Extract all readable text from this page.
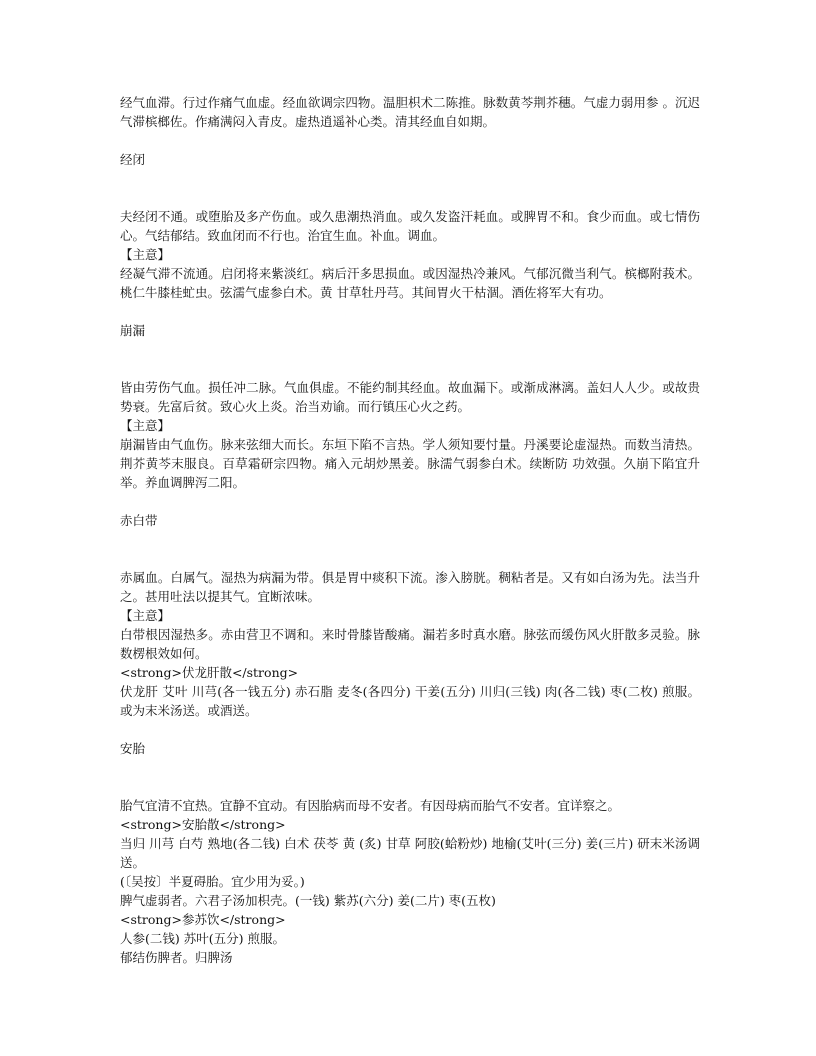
经气血滞。行过作痛气血虚。经血欲调宗四物。温胆枳术二陈推。脉数黄芩荆芥穗。气虚力弱用参 。沉迟气滞槟榔佐。作痛满闷入青皮。虚热逍遥补心类。清其经血自如期。

经闭

夫经闭不通。或堕胎及多产伤血。或久患潮热消血。或久发盗汗耗血。或脾胃不和。食少而血。或七情伤心。气结郁结。致血闭而不行也。治宜生血。补血。调血。

【主意】

经凝气滞不流通。启闭将来紫淡红。病后汗多思损血。或因湿热冷兼风。气郁沉微当利气。槟榔附莪术。桃仁牛膝桂虻虫。弦濡气虚参白术。黄 甘草牡丹芎。其间胃火干枯涸。酒佐将军大有功。

崩漏

皆由劳伤气血。损任冲二脉。气血俱虚。不能约制其经血。故血漏下。或渐成淋漓。盖妇人人少。或故贵势衰。先富后贫。致心火上炎。治当劝谕。而行镇压心火之药。

【主意】

崩漏皆由气血伤。脉来弦细大而长。东垣下陷不言热。学人须知要忖量。丹溪要论虚湿热。而数当清热。荆芥黄芩末服良。百草霜研宗四物。痛入元胡炒黑姜。脉濡气弱参白术。续断防 功效强。久崩下陷宜升举。养血调脾泻二阳。

赤白带

赤属血。白属气。湿热为病漏为带。俱是胃中痰积下流。渗入膀胱。稠粘者是。又有如白汤为先。法当升之。甚用吐法以提其气。宜断浓味。

【主意】

白带根因湿热多。赤由营卫不调和。来时骨膝皆酸痛。漏若多时真水磨。脉弦而缓伤风火肝散多灵验。脉数楞根效如何。

<strong>伏龙肝散</strong>

伏龙肝 艾叶 川芎(各一钱五分) 赤石脂 麦冬(各四分) 干姜(五分) 川归(三钱) 肉(各二钱) 枣(二枚) 煎服。或为末米汤送。或酒送。

安胎

胎气宜清不宜热。宜静不宜动。有因胎病而母不安者。有因母病而胎气不安者。宜详察之。

<strong>安胎散</strong>

当归 川芎 白芍 熟地(各二钱) 白术 茯苓 黄 (炙) 甘草 阿胶(蛤粉炒) 地榆(艾叶(三分) 姜(三片) 研末米汤调送。

(〔吴按〕半夏碍胎。宜少用为妥。)

脾气虚弱者。六君子汤加枳壳。(一钱) 紫苏(六分) 姜(二片) 枣(五枚)

<strong>参苏饮</strong>

人参(二钱) 苏叶(五分) 煎服。

郁结伤脾者。归脾汤
